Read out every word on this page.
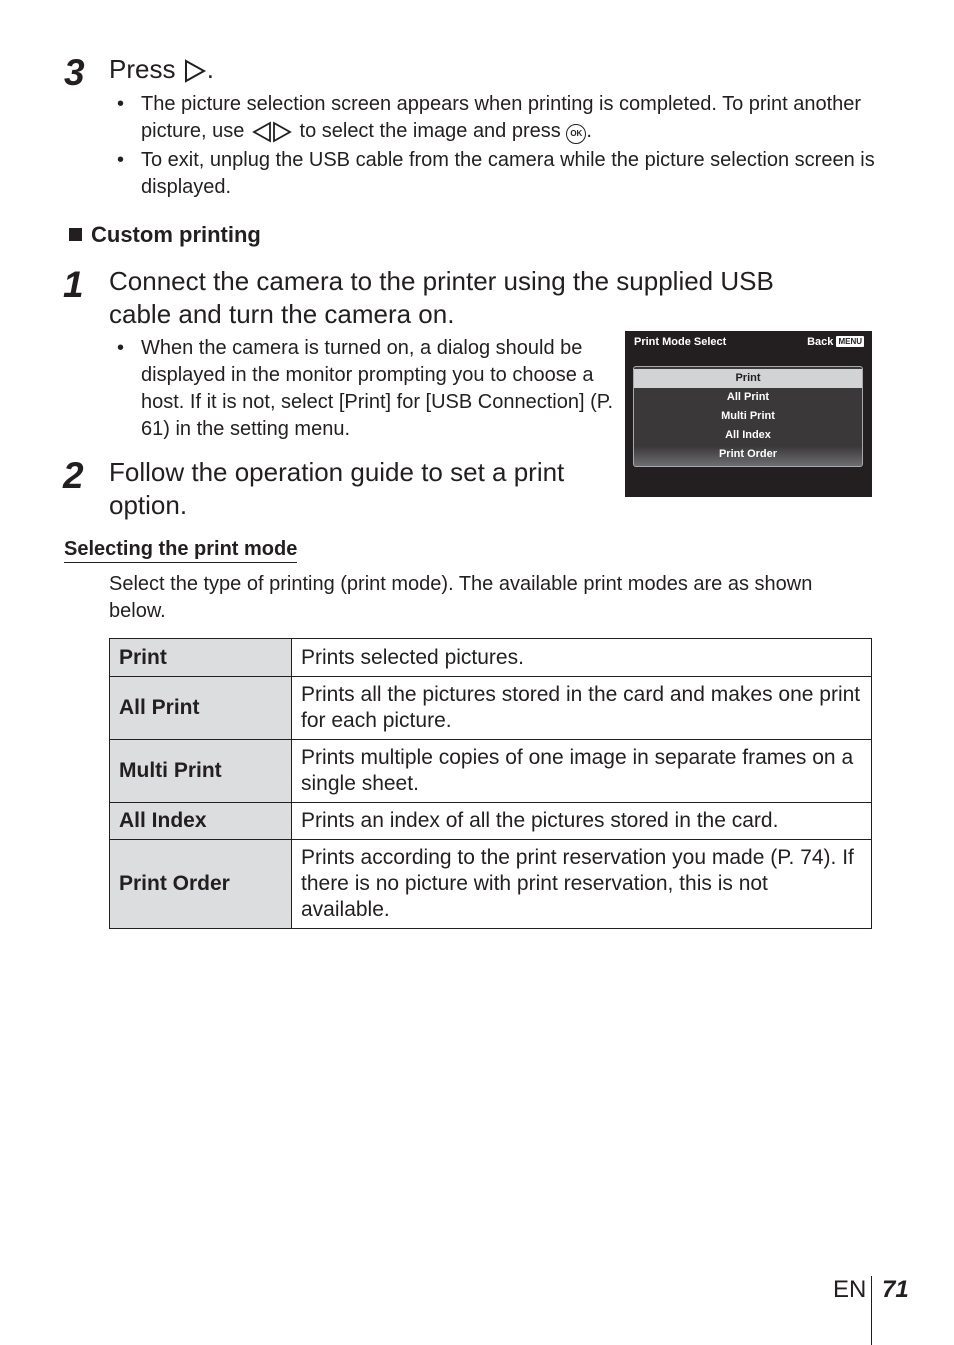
3 Press .
• The picture selection screen appears when printing is completed. To print another picture, use  to select the image and press OK .
• To exit, unplug the USB cable from the camera while the picture selection screen is displayed.
Custom printing
1 Connect the camera to the printer using the supplied USB cable and turn the camera on.
• When the camera is turned on, a dialog should be displayed in the monitor prompting you to choose a host. If it is not, select [Print] for [USB Connection] (P. 61) in the setting menu.
2 Follow the operation guide to set a print option.
Print Mode Select	Back MENU
Print
All Print
Multi Print
All Index
Print Order
Selecting the print mode
Select the type of printing (print mode). The available print modes are as shown below.
Print	Prints selected pictures.
All Print	Prints all the pictures stored in the card and makes one print for each picture.
Multi Print	Prints multiple copies of one image in separate frames on a single sheet.
All Index	Prints an index of all the pictures stored in the card.
Print Order	Prints according to the print reservation you made (P. 74). If there is no picture with print reservation, this is not available.
EN 71
